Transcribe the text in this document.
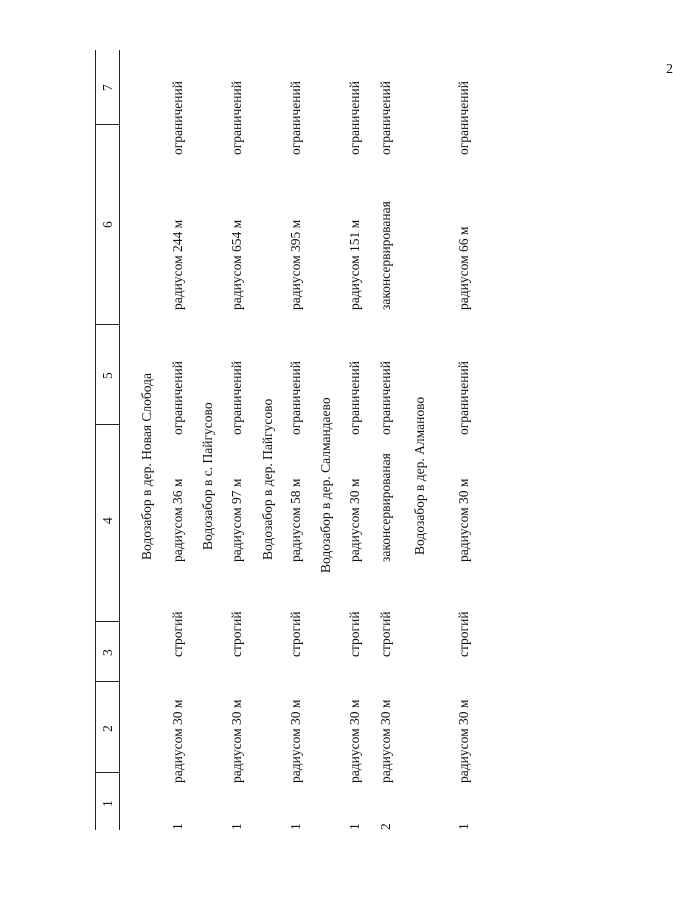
2
1
2
3
4
5
6
7
Водозабор в дер. Новая Слобода
1
радиусом 30 м
строгий
радиусом 36 м
ограничений
радиусом 244 м
ограничений
Водозабор в с. Пайгусово
1
радиусом 30 м
строгий
радиусом 97 м
ограничений
радиусом 654 м
ограничений
Водозабор в дер. Пайгусово
1
радиусом 30 м
строгий
радиусом 58 м
ограничений
радиусом 395 м
ограничений
Водозабор в дер. Салмандаево
1
радиусом 30 м
строгий
радиусом 30 м
ограничений
радиусом 151 м
ограничений
2
радиусом 30 м
строгий
законсервированая
ограничений
законсервированая
ограничений
Водозабор в дер. Алманово
1
радиусом 30 м
строгий
радиусом 30 м
ограничений
радиусом 66 м
ограничений
